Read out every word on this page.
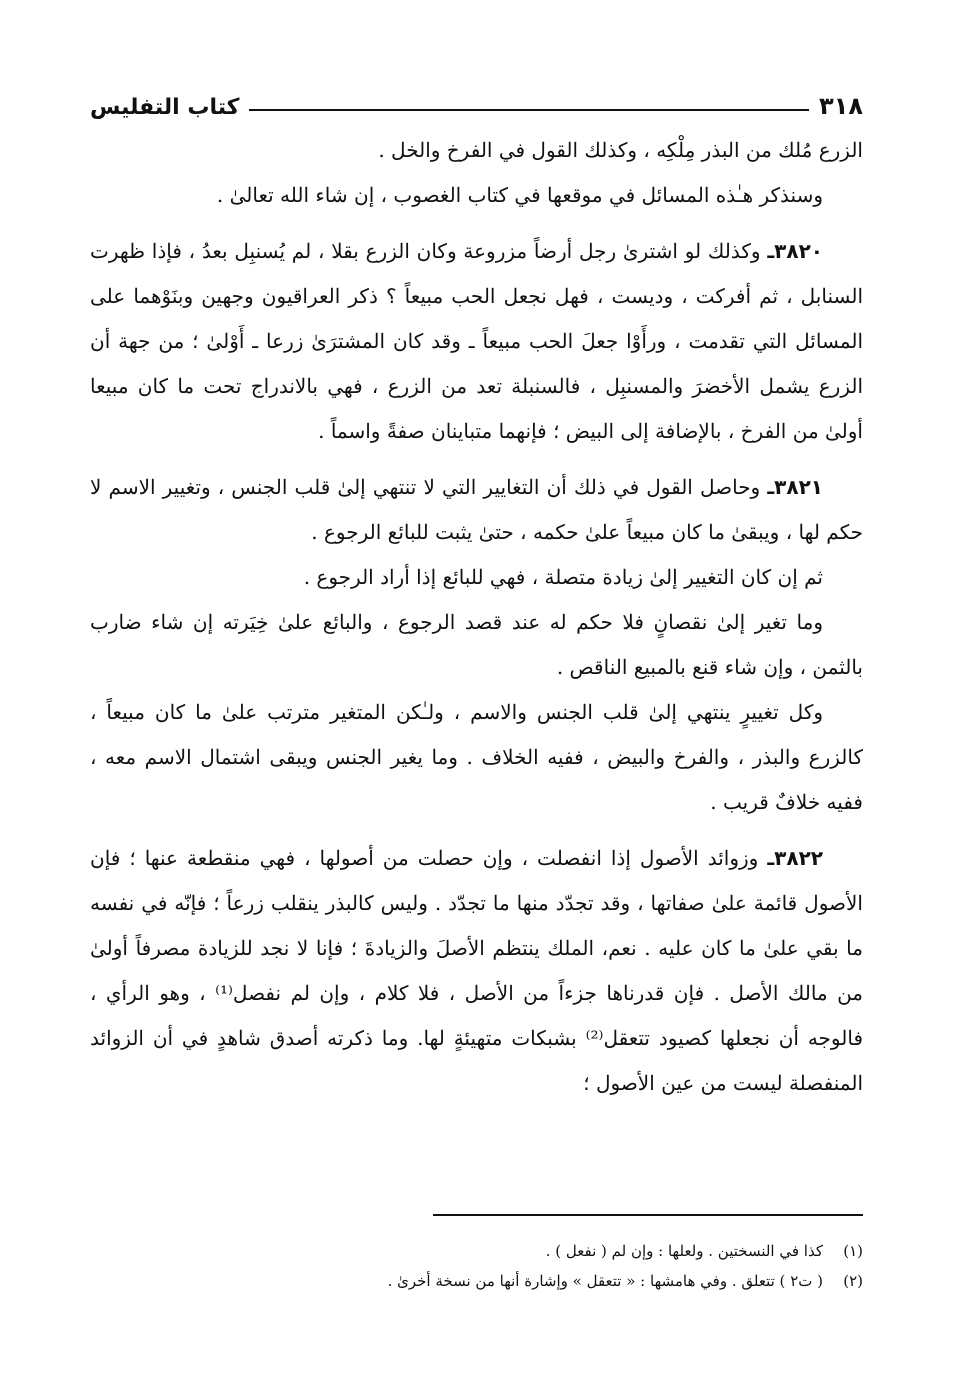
٣١٨
كتاب التفليس

الزرع مُلك من البذر مِلْكِه ، وكذلك القول في الفرخ والخل .

وسنذكر هـٰذه المسائل في موقعها في كتاب الغصوب ، إن شاء الله تعالىٰ .

٣٨٢٠ـ وكذلك لو اشترىٰ رجل أرضاً مزروعة وكان الزرع بقلا ، لم يُسنبِل بعدُ ، فإذا ظهرت السنابل ، ثم أفركت ، وديست ، فهل نجعل الحب مبيعاً ؟ ذكر العراقيون وجهين وبنَوْهما على المسائل التي تقدمت ، ورأَوْا جعلَ الحب مبيعاً ـ وقد كان المشترَىٰ زرعا ـ أَوْلىٰ ؛ من جهة أن الزرع يشمل الأخضرَ والمسنبِل ، فالسنبلة تعد من الزرع ، فهي بالاندراج تحت ما كان مبيعا أولىٰ من الفرخ ، بالإضافة إلى البيض ؛ فإنهما متباينان صفةً واسماً .

٣٨٢١ـ وحاصل القول في ذلك أن التغايير التي لا تنتهي إلىٰ قلب الجنس ، وتغيير الاسم لا حكم لها ، ويبقىٰ ما كان مبيعاً علىٰ حكمه ، حتىٰ يثبت للبائع الرجوع .

ثم إن كان التغيير إلىٰ زيادة متصلة ، فهي للبائع إذا أراد الرجوع .

وما تغير إلىٰ نقصانٍ فلا حكم له عند قصد الرجوع ، والبائع علىٰ خِيَرته إن شاء ضارب بالثمن ، وإن شاء قنع بالمبيع الناقص .

وكل تغييرٍ ينتهي إلىٰ قلب الجنس والاسم ، ولـٰكن المتغير مترتب علىٰ ما كان مبيعاً ، كالزرع والبذر ، والفرخ والبيض ، ففيه الخلاف . وما يغير الجنس ويبقى اشتمال الاسم معه ، ففيه خلافٌ قريب .

٣٨٢٢ـ وزوائد الأصول إذا انفصلت ، وإن حصلت من أصولها ، فهي منقطعة عنها ؛ فإن الأصول قائمة علىٰ صفاتها ، وقد تجدّد منها ما تجدّد . وليس كالبذر ينقلب زرعاً ؛ فإنّه في نفسه ما بقي علىٰ ما كان عليه . نعم، الملك ينتظم الأصلَ والزيادةَ ؛ فإنا لا نجد للزيادة مصرفاً أولىٰ من مالك الأصل . فإن قدرناها جزءاً من الأصل ، فلا كلام ، وإن لم نفصل⁽¹⁾ ، وهو الرأي ، فالوجه أن نجعلها كصيود تتعقل⁽²⁾ بشبكات متهيئةٍ لها. وما ذكرته أصدق شاهدٍ في أن الزوائد المنفصلة ليست من عين الأصول ؛

(١)كذا في النسختين . ولعلها : وإن لم ( نفعل ) .
(٢)( ت٢ ) تتعلق . وفي هامشها : « تتعقل » وإشارة أنها من نسخة أخرىٰ .
